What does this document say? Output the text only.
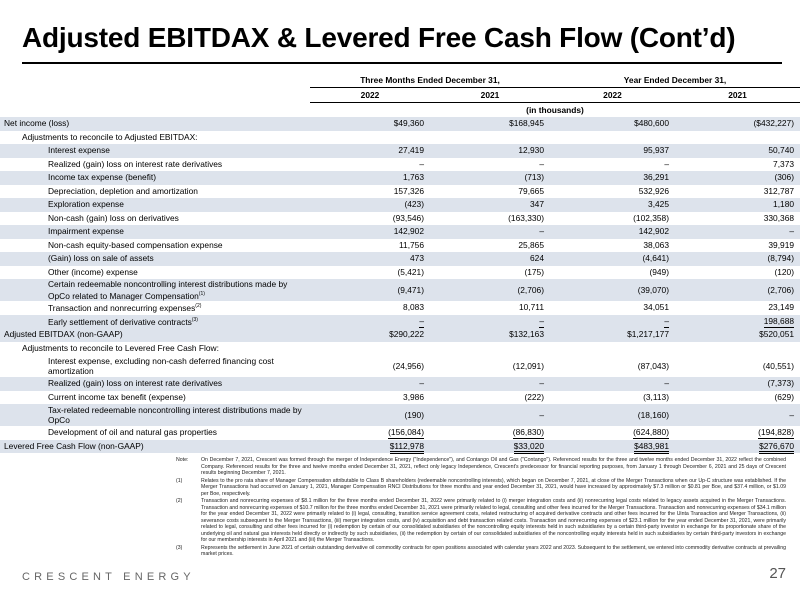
Adjusted EBITDAX & Levered Free Cash Flow (Cont’d)
	Three Months Ended December 31,		Year Ended December 31,	
	2022	2021	2022	2021
	(in thousands)			
Net income (loss)	$49,360	$168,945	$480,600	($432,227)
Adjustments to reconcile to Adjusted EBITDAX:				
Interest expense	27,419	12,930	95,937	50,740
Realized (gain) loss on interest rate derivatives	–	–	–	7,373
Income tax expense (benefit)	1,763	(713)	36,291	(306)
Depreciation, depletion and amortization	157,326	79,665	532,926	312,787
Exploration expense	(423)	347	3,425	1,180
Non-cash (gain) loss on derivatives	(93,546)	(163,330)	(102,358)	330,368
Impairment expense	142,902	–	142,902	–
Non-cash equity-based compensation expense	11,756	25,865	38,063	39,919
(Gain) loss on sale of assets	473	624	(4,641)	(8,794)
Other (income) expense	(5,421)	(175)	(949)	(120)
Certain redeemable noncontrolling interest distributions made by OpCo related to Manager Compensation$^{(1)}$	(9,471)	(2,706)	(39,070)	(2,706)
Transaction and nonrecurring expenses$^{(2)}$	8,083	10,711	34,051	23,149
Early settlement of derivative contracts$^{(3)}$	–	–	–	198,688
Adjusted EBITDAX (non-GAAP)	$290,222	$132,163	$1,217,177	$520,051
Adjustments to reconcile to Levered Free Cash Flow:				
Interest expense, excluding non-cash deferred financing cost amortization	(24,956)	(12,091)	(87,043)	(40,551)
Realized (gain) loss on interest rate derivatives	–	–	–	(7,373)
Current income tax benefit (expense)	3,986	(222)	(3,113)	(629)
Tax-related redeemable noncontrolling interest distributions made by OpCo	(190)	–	(18,160)	–
Development of oil and natural gas properties	(156,084)	(86,830)	(624,880)	(194,828)
Levered Free Cash Flow (non-GAAP)	$112,978	$33,020	$483,981	$276,670
Note:	On December 7, 2021, Crescent was formed through the merger of Independence Energy ("Independence"), and Contango Oil and Gas ("Contango"). Referenced results for the three and twelve months ended December 31, 2022 reflect the combined Company. Referenced results for the three and twelve months ended December 31, 2021, reflect only legacy Independence, Crescent's predecessor for financial reporting purposes, from January 1 through December 6, 2021 and 25 days of Crescent results beginning December 7, 2021.
(1)	Relates to the pro rata share of Manager Compensation attributable to Class B shareholders (redeemable noncontrolling interests), which began on December 7, 2021, at close of the Merger Transactions when our Up-C structure was established. If the Merger Transactions had occurred on January 1, 2021, Manager Compensation RNCI Distributions for three months and year ended December 31, 2021, would have increased by approximately $7.3 million or $0.81 per Boe, and $37.4 million, or $1.09 per Boe, respectively.
(2)	Transaction and nonrecurring expenses of $8.1 million for the three months ended December 31, 2022 were primarily related to (i) merger integration costs and (ii) nonrecurring legal costs related to legacy assets acquired in the Merger Transactions. Transaction and nonrecurring expenses of $10.7 million for the three months ended December 31, 2021 were primarily related to legal, consulting and other fees incurred for the Merger Transactions. Transaction and nonrecurring expenses of $34.1 million for the year ended December 31, 2022 were primarily related to (i) legal, consulting, transition service agreement costs, related restructuring of acquired derivative contracts and other fees incurred for the Uinta Transaction and Merger Transactions, (ii) severance costs subsequent to the Merger Transactions, (iii) merger integration costs, and (iv) acquisition and debt transaction related costs. Transaction and nonrecurring expenses of $23.1 million for the year ended December 31, 2021, were primarily related to legal, consulting and other fees incurred for (i) redemption by certain of our consolidated subsidiaries of the noncontrolling equity interests held in such subsidiaries by a certain third-party investor in exchange for its proportionate share of the underlying oil and natural gas interests held directly or indirectly by such subsidiaries, (ii) the redemption by certain of our consolidated subsidiaries of the noncontrolling equity interests held in such subsidiaries by certain third-party investors in exchange for our membership interests in April 2021 and (iii) the Merger Transactions.
(3)	Represents the settlement in June 2021 of certain outstanding derivative oil commodity contracts for open positions associated with calendar years 2022 and 2023. Subsequent to the settlement, we entered into commodity derivative contracts at prevailing market prices.
CRESCENT ENERGY	27
